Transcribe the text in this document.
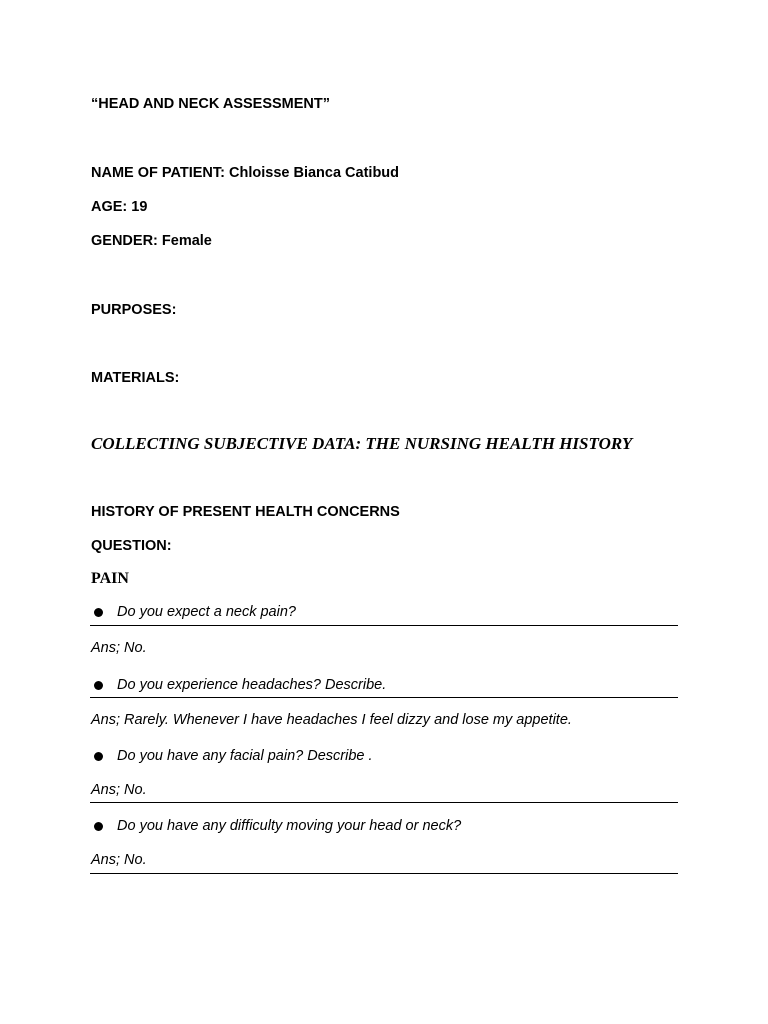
“HEAD AND NECK ASSESSMENT”
NAME OF PATIENT: Chloisse Bianca Catibud
AGE: 19
GENDER: Female
PURPOSES:
MATERIALS:
COLLECTING SUBJECTIVE DATA: THE NURSING HEALTH HISTORY
HISTORY OF PRESENT HEALTH CONCERNS
QUESTION:
PAIN
Do you expect a neck pain?
Ans; No.
Do you experience headaches? Describe.
Ans; Rarely. Whenever I have headaches I feel dizzy and lose my appetite.
Do you have any facial pain? Describe .
Ans; No.
Do you have any difficulty moving your head or neck?
Ans; No.
